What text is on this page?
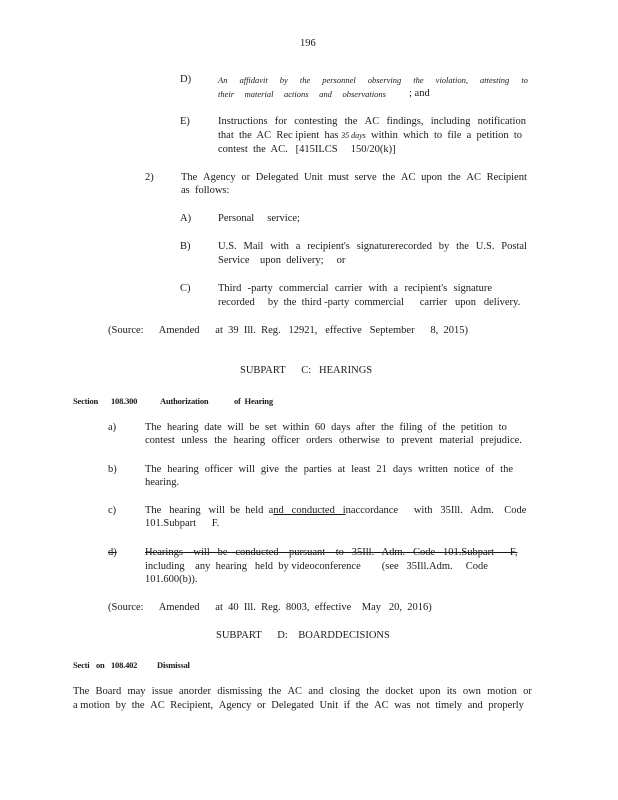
196
D)	An affidavit by the personnel observing the violation, attesting to
their material actions and observations ; and
E)	Instructions for contesting the AC findings, including notification
that  the  AC  Rec ipient  has 35 days within  which  to  file  a  petition  to
contest  the  AC.   [415ILCS     150/20(k)]
2)	The Agency or Delegated Unit must serve the AC upon the AC Recipient
as  follows:
A)	Personal     service;
B)	U.S. Mail with a recipient's signaturerecorded by the U.S. Postal
Service    upon  delivery;     or
C)	Third -party commercial carrier with a recipient's signature
recorded     by  the  third -party  commercial      carrier   upon   delivery.
(Source:      Amended      at  39  Ill.  Reg.   12921,   effective   September      8,  2015)
SUBPART      C:   HEARINGS
Section 108.300	Authorization	of  Hearing
a)	The hearing date will be set within 60 days after the filing of the petition to
contest unless the hearing officer orders otherwise to prevent material prejudice.
b)	The hearing officer will give the parties at least 21 days written notice of the
hearing.
c)	The   hearing   will  be  held  and   conducted   inaccordance      with   35Ill.   Adm.    Code
101.Subpart      F.
d)	Hearings    will   be   conducted    pursuant    to   35Ill.   Adm.   Code   101.Subpart      F,
including    any  hearing   held  by videoconference        (see   35Ill.Adm.     Code
101.600(b)).
(Source:      Amended      at  40  Ill.  Reg.  8003,  effective    May   20,  2016)
SUBPART      D:    BOARDDECISIONS
Secti on 108.402 Dismissal
The Board may issue anorder dismissing the AC and closing the docket upon its own motion or
a motion by the AC Recipient, Agency or Delegated Unit if the AC was not timely and properly
